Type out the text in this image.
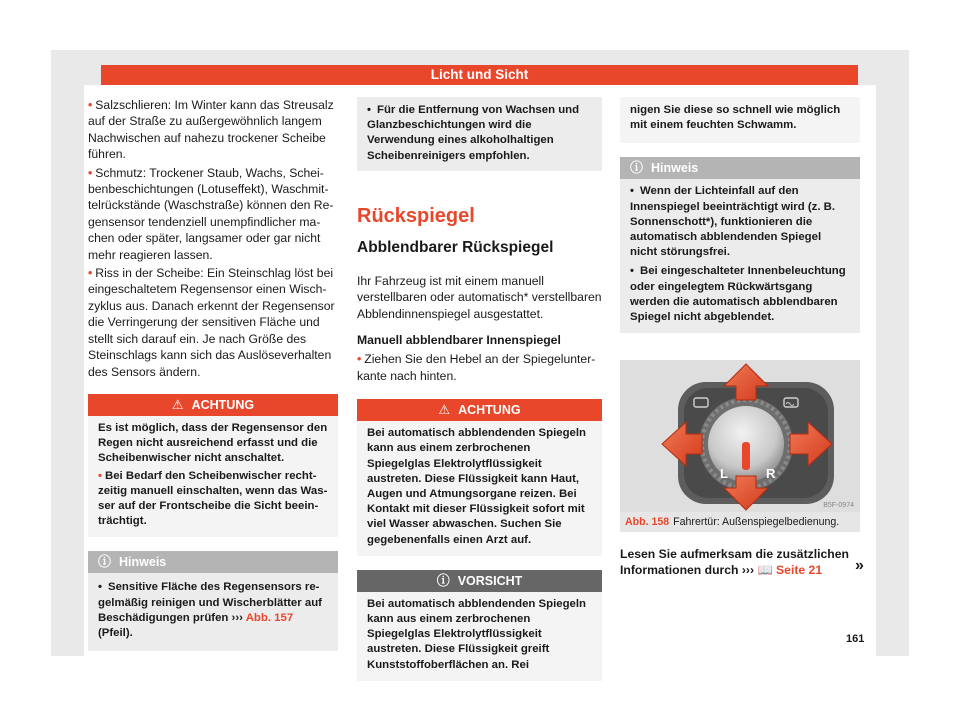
Licht und Sicht

• Salzschlieren: Im Winter kann das Streusalz auf der Straße zu außergewöhnlich langem Nachwischen auf nahezu trockener Scheibe führen.

• Schmutz: Trockener Staub, Wachs, Scheibenbeschichtungen (Lotuseffekt), Waschmittelrückstände (Waschstraße) können den Regensensor tendenziell unempfindlicher machen oder später, langsamer oder gar nicht mehr reagieren lassen.

• Riss in der Scheibe: Ein Steinschlag löst bei eingeschaltetem Regensensor einen Wischzyklus aus. Danach erkennt der Regensensor die Verringerung der sensitiven Fläche und stellt sich darauf ein. Je nach Größe des Steinschlags kann sich das Auslöseverhalten des Sensors ändern.

⚠ ACHTUNG

Es ist möglich, dass der Regensensor den Regen nicht ausreichend erfasst und die Scheibenwischer nicht anschaltet.

• Bei Bedarf den Scheibenwischer rechtzeitig manuell einschalten, wenn das Wasser auf der Frontscheibe die Sicht beeinträchtigt.

ⓘ Hinweis

• Sensitive Fläche des Regensensors regelmäßig reinigen und Wischerblätter auf Beschädigungen prüfen ››› Abb. 157 (Pfeil).

• Für die Entfernung von Wachsen und Glanzbeschichtungen wird die Verwendung eines alkoholhaltigen Scheibenreinigers empfohlen.

Rückspiegel
Abblendbarer Rückspiegel

Ihr Fahrzeug ist mit einem manuell verstellbaren oder automatisch* verstellbaren Abblendinnenspiegel ausgestattet.

Manuell abblendbarer Innenspiegel

• Ziehen Sie den Hebel an der Spiegelunterkante nach hinten.

⚠ ACHTUNG
Bei automatisch abblendenden Spiegeln kann aus einem zerbrochenen Spiegelglas Elektrolytflüssigkeit austreten. Diese Flüssigkeit kann Haut, Augen und Atmungsorgane reizen. Bei Kontakt mit dieser Flüssigkeit sofort mit viel Wasser abwaschen. Suchen Sie gegebenenfalls einen Arzt auf.
ⓘ VORSICHT
Bei automatisch abblendenden Spiegeln kann aus einem zerbrochenen Spiegelglas Elektrolytflüssigkeit austreten. Diese Flüssigkeit greift Kunststoffoberflächen an. Rei
nigen Sie diese so schnell wie möglich mit einem feuchten Schwamm.
ⓘ Hinweis

• Wenn der Lichteinfall auf den Innenspiegel beeinträchtigt wird (z. B. Sonnenschott*), funktionieren die automatisch abblendenden Spiegel nicht störungsfrei.

• Bei eingeschalteter Innenbeleuchtung oder eingelegtem Rückwärtsgang werden die automatisch abblendbaren Spiegel nicht abgeblendet.

L	R
B5F-0974
Abb. 158 Fahrertür: Außenspiegelbedienung.
Lesen Sie aufmerksam die zusätzlichen Informationen durch ››› 📖 Seite 21	»
161
